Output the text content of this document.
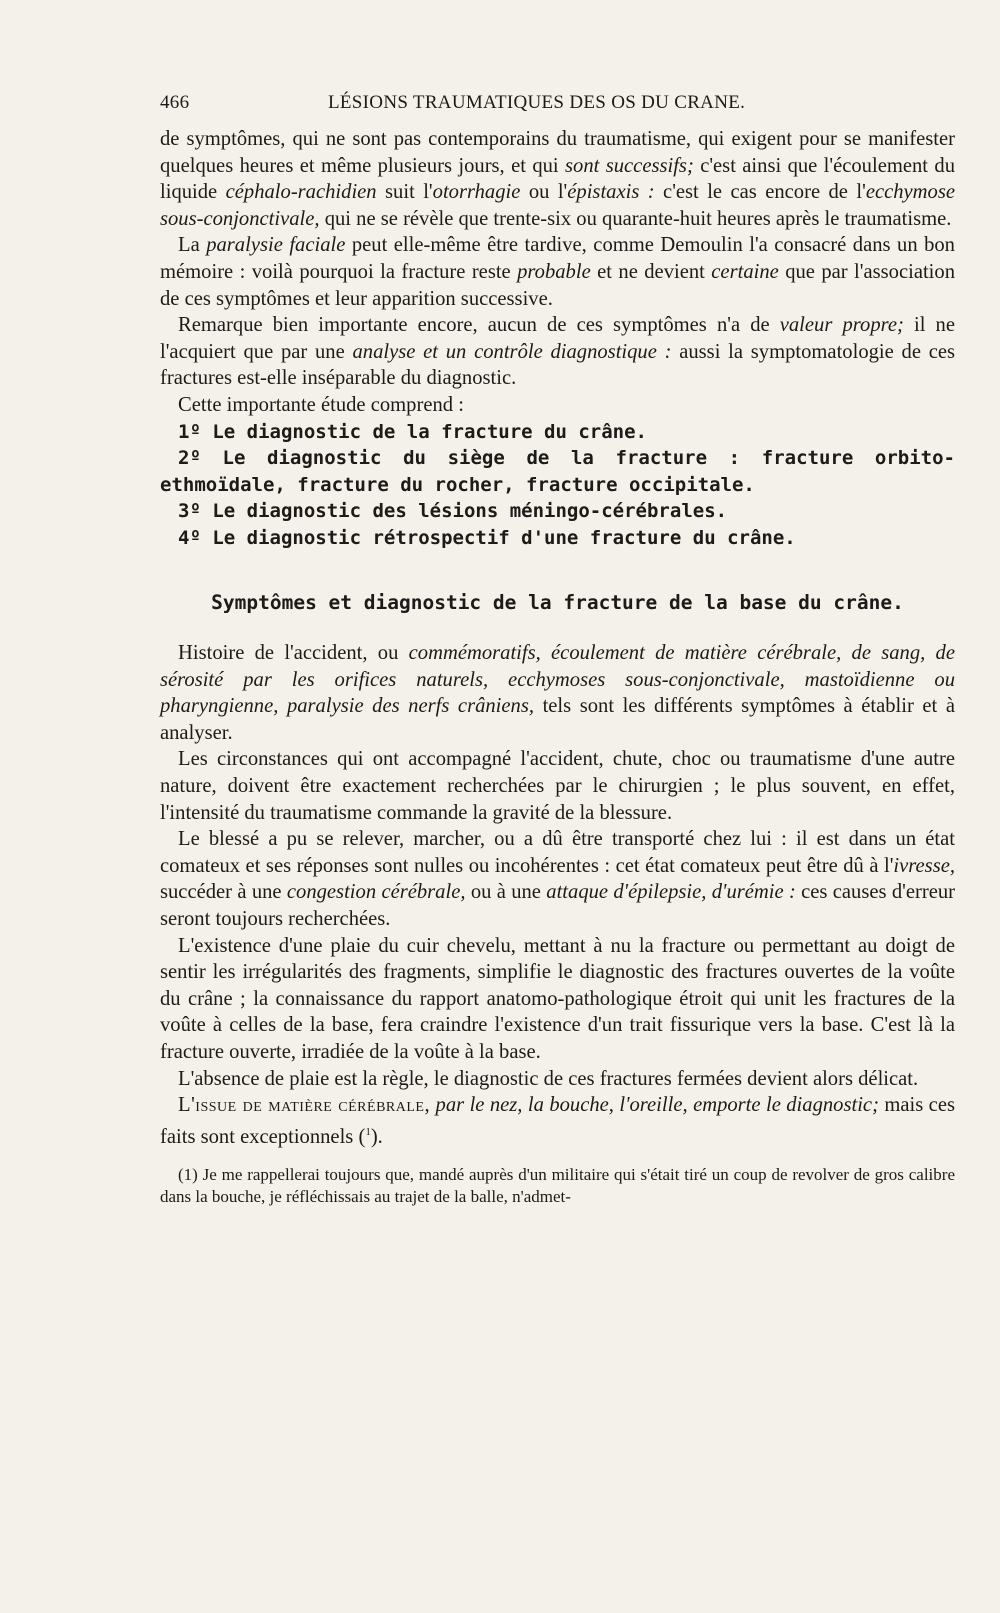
466	LÉSIONS TRAUMATIQUES DES OS DU CRANE.

de symptômes, qui ne sont pas contemporains du traumatisme, qui exigent pour se manifester quelques heures et même plusieurs jours, et qui sont successifs; c'est ainsi que l'écoulement du liquide céphalo-rachidien suit l'otorrhagie ou l'épistaxis : c'est le cas encore de l'ecchymose sous-conjonctivale, qui ne se révèle que trente-six ou quarante-huit heures après le traumatisme.

La paralysie faciale peut elle-même être tardive, comme Demoulin l'a consacré dans un bon mémoire : voilà pourquoi la fracture reste probable et ne devient certaine que par l'association de ces symptômes et leur apparition successive.

Remarque bien importante encore, aucun de ces symptômes n'a de valeur propre; il ne l'acquiert que par une analyse et un contrôle diagnostique : aussi la symptomatologie de ces fractures est-elle inséparable du diagnostic.

Cette importante étude comprend :

1º Le diagnostic de la fracture du crâne.

2º Le diagnostic du siège de la fracture : fracture orbito-ethmoïdale, fracture du rocher, fracture occipitale.

3º Le diagnostic des lésions méningo-cérébrales.

4º Le diagnostic rétrospectif d'une fracture du crâne.

Symptômes et diagnostic de la fracture de la base du crâne.

Histoire de l'accident, ou commémoratifs, écoulement de matière cérébrale, de sang, de sérosité par les orifices naturels, ecchymoses sous-conjonctivale, mastoïdienne ou pharyngienne, paralysie des nerfs crâniens, tels sont les différents symptômes à établir et à analyser.

Les circonstances qui ont accompagné l'accident, chute, choc ou traumatisme d'une autre nature, doivent être exactement recherchées par le chirurgien ; le plus souvent, en effet, l'intensité du traumatisme commande la gravité de la blessure.

Le blessé a pu se relever, marcher, ou a dû être transporté chez lui : il est dans un état comateux et ses réponses sont nulles ou incohérentes : cet état comateux peut être dû à l'ivresse, succéder à une congestion cérébrale, ou à une attaque d'épilepsie, d'urémie : ces causes d'erreur seront toujours recherchées.

L'existence d'une plaie du cuir chevelu, mettant à nu la fracture ou permettant au doigt de sentir les irrégularités des fragments, simplifie le diagnostic des fractures ouvertes de la voûte du crâne ; la connaissance du rapport anatomo-pathologique étroit qui unit les fractures de la voûte à celles de la base, fera craindre l'existence d'un trait fissurique vers la base. C'est là la fracture ouverte, irradiée de la voûte à la base.

L'absence de plaie est la règle, le diagnostic de ces fractures fermées devient alors délicat.

L'issue de matière cérébrale, par le nez, la bouche, l'oreille, emporte le diagnostic; mais ces faits sont exceptionnels ($^1$).

(1) Je me rappellerai toujours que, mandé auprès d'un militaire qui s'était tiré un coup de revolver de gros calibre dans la bouche, je réfléchissais au trajet de la balle, n'admet-
